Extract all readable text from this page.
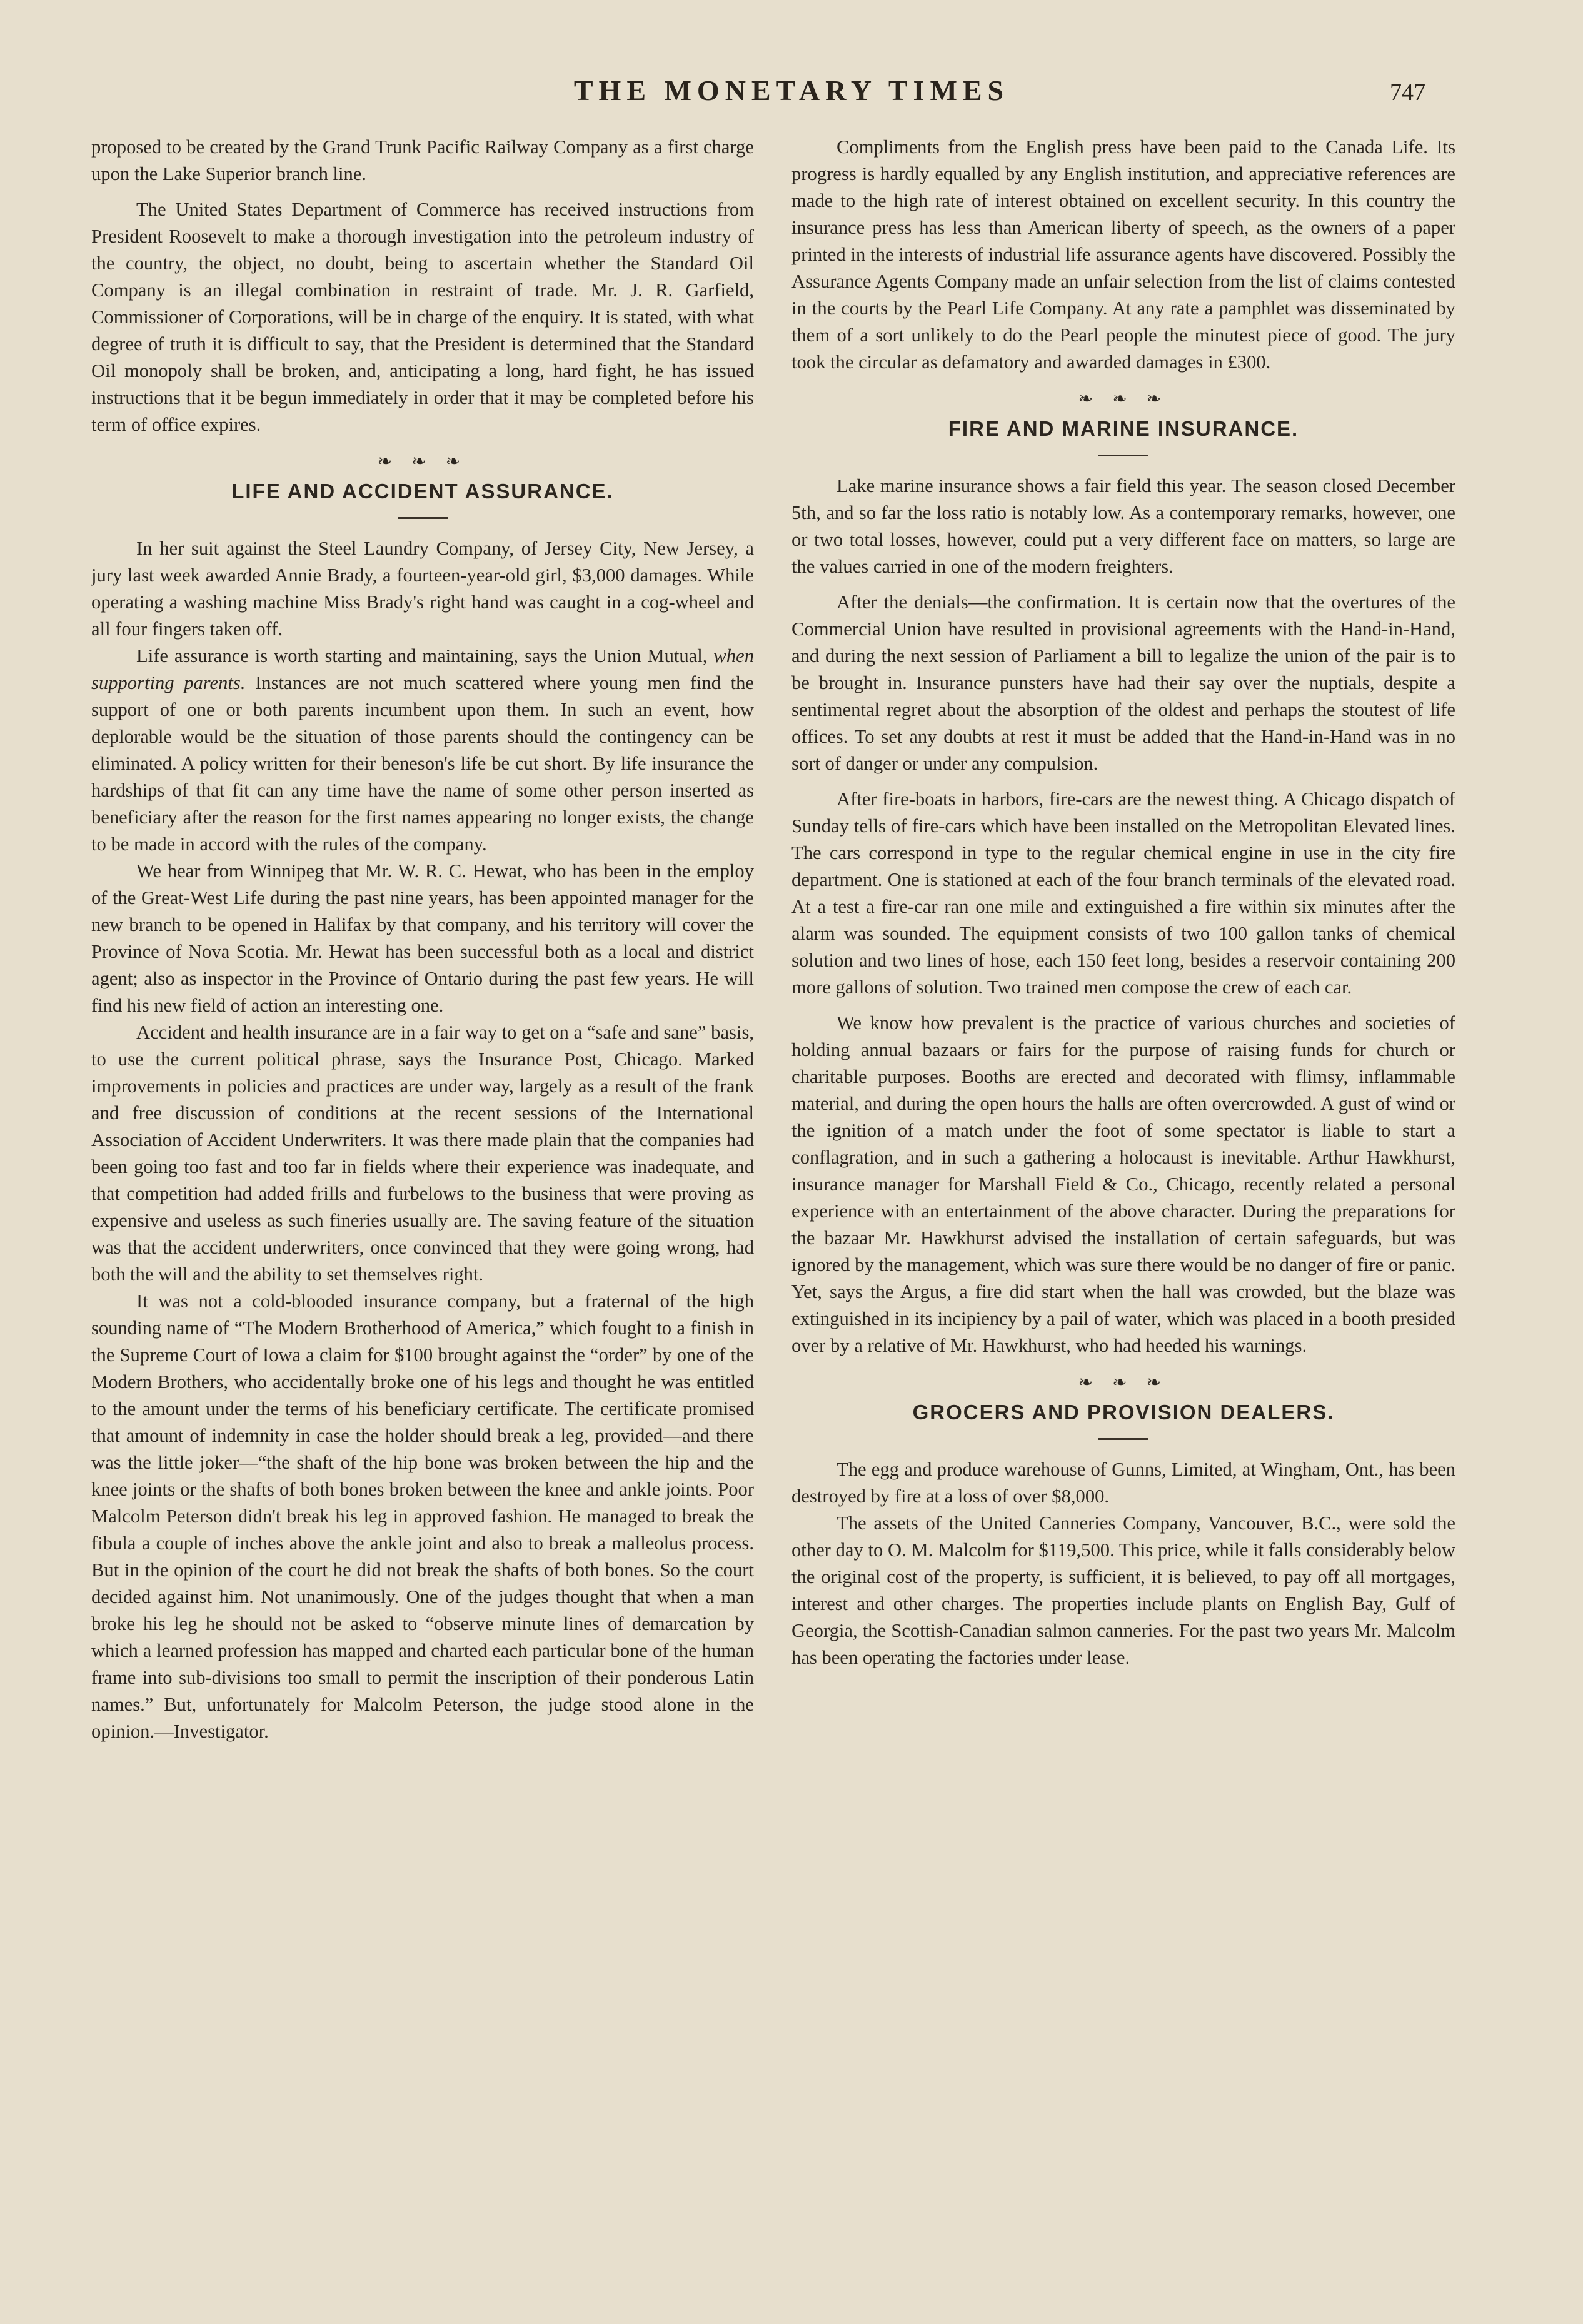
THE MONETARY TIMES	747

proposed to be created by the Grand Trunk Pacific Railway Company as a first charge upon the Lake Superior branch line.

The United States Department of Commerce has received instructions from President Roosevelt to make a thorough investigation into the petroleum industry of the country, the object, no doubt, being to ascertain whether the Standard Oil Company is an illegal combination in restraint of trade. Mr. J. R. Garfield, Commissioner of Corporations, will be in charge of the enquiry. It is stated, with what degree of truth it is difficult to say, that the President is determined that the Standard Oil monopoly shall be broken, and, anticipating a long, hard fight, he has issued instructions that it be begun immediately in order that it may be completed before his term of office expires.

❧ ❧ ❧
LIFE AND ACCIDENT ASSURANCE.

In her suit against the Steel Laundry Company, of Jersey City, New Jersey, a jury last week awarded Annie Brady, a fourteen-year-old girl, $3,000 damages. While operating a washing machine Miss Brady's right hand was caught in a cog-wheel and all four fingers taken off.

Life assurance is worth starting and maintaining, says the Union Mutual, when supporting parents. Instances are not much scattered where young men find the support of one or both parents incumbent upon them. In such an event, how deplorable would be the situation of those parents should the contingency can be eliminated. A policy written for their beneson's life be cut short. By life insurance the hardships of that fit can any time have the name of some other person inserted as beneficiary after the reason for the first names appearing no longer exists, the change to be made in accord with the rules of the company.

We hear from Winnipeg that Mr. W. R. C. Hewat, who has been in the employ of the Great-West Life during the past nine years, has been appointed manager for the new branch to be opened in Halifax by that company, and his territory will cover the Province of Nova Scotia. Mr. Hewat has been successful both as a local and district agent; also as inspector in the Province of Ontario during the past few years. He will find his new field of action an interesting one.

Accident and health insurance are in a fair way to get on a “safe and sane” basis, to use the current political phrase, says the Insurance Post, Chicago. Marked improvements in policies and practices are under way, largely as a result of the frank and free discussion of conditions at the recent sessions of the International Association of Accident Underwriters. It was there made plain that the companies had been going too fast and too far in fields where their experience was inadequate, and that competition had added frills and furbelows to the business that were proving as expensive and useless as such fineries usually are. The saving feature of the situation was that the accident underwriters, once convinced that they were going wrong, had both the will and the ability to set themselves right.

It was not a cold-blooded insurance company, but a fraternal of the high sounding name of “The Modern Brotherhood of America,” which fought to a finish in the Supreme Court of Iowa a claim for $100 brought against the “order” by one of the Modern Brothers, who accidentally broke one of his legs and thought he was entitled to the amount under the terms of his beneficiary certificate. The certificate promised that amount of indemnity in case the holder should break a leg, provided—and there was the little joker—“the shaft of the hip bone was broken between the hip and the knee joints or the shafts of both bones broken between the knee and ankle joints. Poor Malcolm Peterson didn't break his leg in approved fashion. He managed to break the fibula a couple of inches above the ankle joint and also to break a malleolus process. But in the opinion of the court he did not break the shafts of both bones. So the court decided against him. Not unanimously. One of the judges thought that when a man broke his leg he should not be asked to “observe minute lines of demarcation by which a learned profession has mapped and charted each particular bone of the human frame into sub-divisions too small to permit the inscription of their ponderous Latin names.” But, unfortunately for Malcolm Peterson, the judge stood alone in the opinion.—Investigator.

Compliments from the English press have been paid to the Canada Life. Its progress is hardly equalled by any English institution, and appreciative references are made to the high rate of interest obtained on excellent security. In this country the insurance press has less than American liberty of speech, as the owners of a paper printed in the interests of industrial life assurance agents have discovered. Possibly the Assurance Agents Company made an unfair selection from the list of claims contested in the courts by the Pearl Life Company. At any rate a pamphlet was disseminated by them of a sort unlikely to do the Pearl people the minutest piece of good. The jury took the circular as defamatory and awarded damages in £300.

❧ ❧ ❧
FIRE AND MARINE INSURANCE.

Lake marine insurance shows a fair field this year. The season closed December 5th, and so far the loss ratio is notably low. As a contemporary remarks, however, one or two total losses, however, could put a very different face on matters, so large are the values carried in one of the modern freighters.

After the denials—the confirmation. It is certain now that the overtures of the Commercial Union have resulted in provisional agreements with the Hand-in-Hand, and during the next session of Parliament a bill to legalize the union of the pair is to be brought in. Insurance punsters have had their say over the nuptials, despite a sentimental regret about the absorption of the oldest and perhaps the stoutest of life offices. To set any doubts at rest it must be added that the Hand-in-Hand was in no sort of danger or under any compulsion.

After fire-boats in harbors, fire-cars are the newest thing. A Chicago dispatch of Sunday tells of fire-cars which have been installed on the Metropolitan Elevated lines. The cars correspond in type to the regular chemical engine in use in the city fire department. One is stationed at each of the four branch terminals of the elevated road. At a test a fire-car ran one mile and extinguished a fire within six minutes after the alarm was sounded. The equipment consists of two 100 gallon tanks of chemical solution and two lines of hose, each 150 feet long, besides a reservoir containing 200 more gallons of solution. Two trained men compose the crew of each car.

We know how prevalent is the practice of various churches and societies of holding annual bazaars or fairs for the purpose of raising funds for church or charitable purposes. Booths are erected and decorated with flimsy, inflammable material, and during the open hours the halls are often overcrowded. A gust of wind or the ignition of a match under the foot of some spectator is liable to start a conflagration, and in such a gathering a holocaust is inevitable. Arthur Hawkhurst, insurance manager for Marshall Field & Co., Chicago, recently related a personal experience with an entertainment of the above character. During the preparations for the bazaar Mr. Hawkhurst advised the installation of certain safeguards, but was ignored by the management, which was sure there would be no danger of fire or panic. Yet, says the Argus, a fire did start when the hall was crowded, but the blaze was extinguished in its incipiency by a pail of water, which was placed in a booth presided over by a relative of Mr. Hawkhurst, who had heeded his warnings.

❧ ❧ ❧
GROCERS AND PROVISION DEALERS.

The egg and produce warehouse of Gunns, Limited, at Wingham, Ont., has been destroyed by fire at a loss of over $8,000.

The assets of the United Canneries Company, Vancouver, B.C., were sold the other day to O. M. Malcolm for $119,500. This price, while it falls considerably below the original cost of the property, is sufficient, it is believed, to pay off all mortgages, interest and other charges. The properties include plants on English Bay, Gulf of Georgia, the Scottish-Canadian salmon canneries. For the past two years Mr. Malcolm has been operating the factories under lease.
